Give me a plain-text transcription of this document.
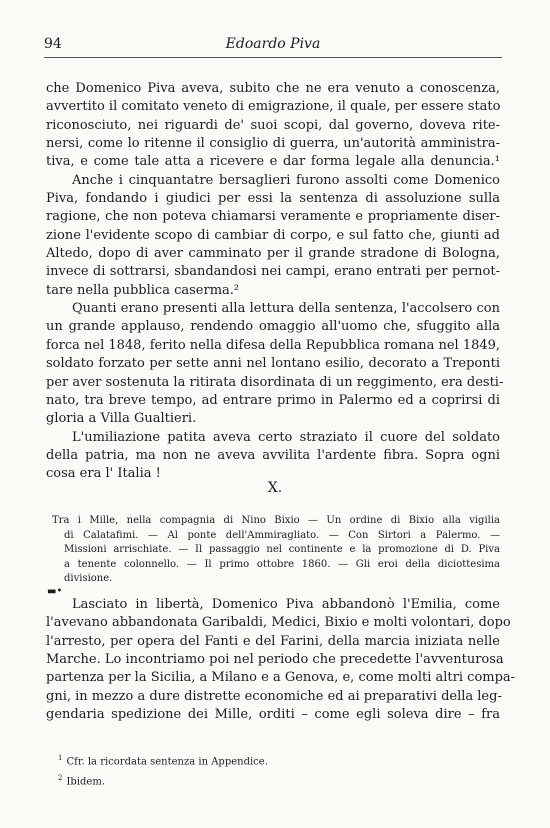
94	Edoardo Piva
che Domenico Piva aveva, subito che ne era venuto a conoscenza,
avvertito il comitato veneto di emigrazione, il quale, per essere stato
riconosciuto, nei riguardi de' suoi scopi, dal governo, doveva rite-
nersi, come lo ritenne il consiglio di guerra, un'autorità amministra-
tiva, e come tale atta a ricevere e dar forma legale alla denuncia.¹
Anche i cinquantatre bersaglieri furono assolti come Domenico
Piva, fondando i giudici per essi la sentenza di assoluzione sulla
ragione, che non poteva chiamarsi veramente e propriamente diser-
zione l'evidente scopo di cambiar di corpo, e sul fatto che, giunti ad
Altedo, dopo di aver camminato per il grande stradone di Bologna,
invece di sottrarsi, sbandandosi nei campi, erano entrati per pernot-
tare nella pubblica caserma.²
Quanti erano presenti alla lettura della sentenza, l'accolsero con
un grande applauso, rendendo omaggio all'uomo che, sfuggito alla
forca nel 1848, ferito nella difesa della Repubblica romana nel 1849,
soldato forzato per sette anni nel lontano esilio, decorato a Treponti
per aver sostenuta la ritirata disordinata di un reggimento, era desti-
nato, tra breve tempo, ad entrare primo in Palermo ed a coprirsi di
gloria a Villa Gualtieri.
L'umiliazione patita aveva certo straziato il cuore del soldato
della patria, ma non ne aveva avvilita l'ardente fibra. Sopra ogni
cosa era l' Italia !
X.
Tra i Mille, nella compagnia di Nino Bixio — Un ordine di Bixio alla vigilia
di Calatafimi. — Al ponte dell'Ammiragliato. — Con Sirtori a Palermo. —
Missioni arrischiate. — Il passaggio nel continente e la promozione di D. Piva
a tenente colonnello. — Il primo ottobre 1860. — Gli eroi della diciottesima
divisione.
▬•
Lasciato in libertà, Domenico Piva abbandonò l'Emilia, come
l'avevano abbandonata Garibaldi, Medici, Bixio e molti volontari, dopo
l'arresto, per opera del Fanti e del Farini, della marcia iniziata nelle
Marche. Lo incontriamo poi nel periodo che precedette l'avventurosa
partenza per la Sicilia, a Milano e a Genova, e, come molti altri compa-
gni, in mezzo a dure distrette economiche ed ai preparativi della leg-
gendaria spedizione dei Mille, orditi – come egli soleva dire – fra
$^1$ Cfr. la ricordata sentenza in Appendice.
$^2$ Ibidem.
